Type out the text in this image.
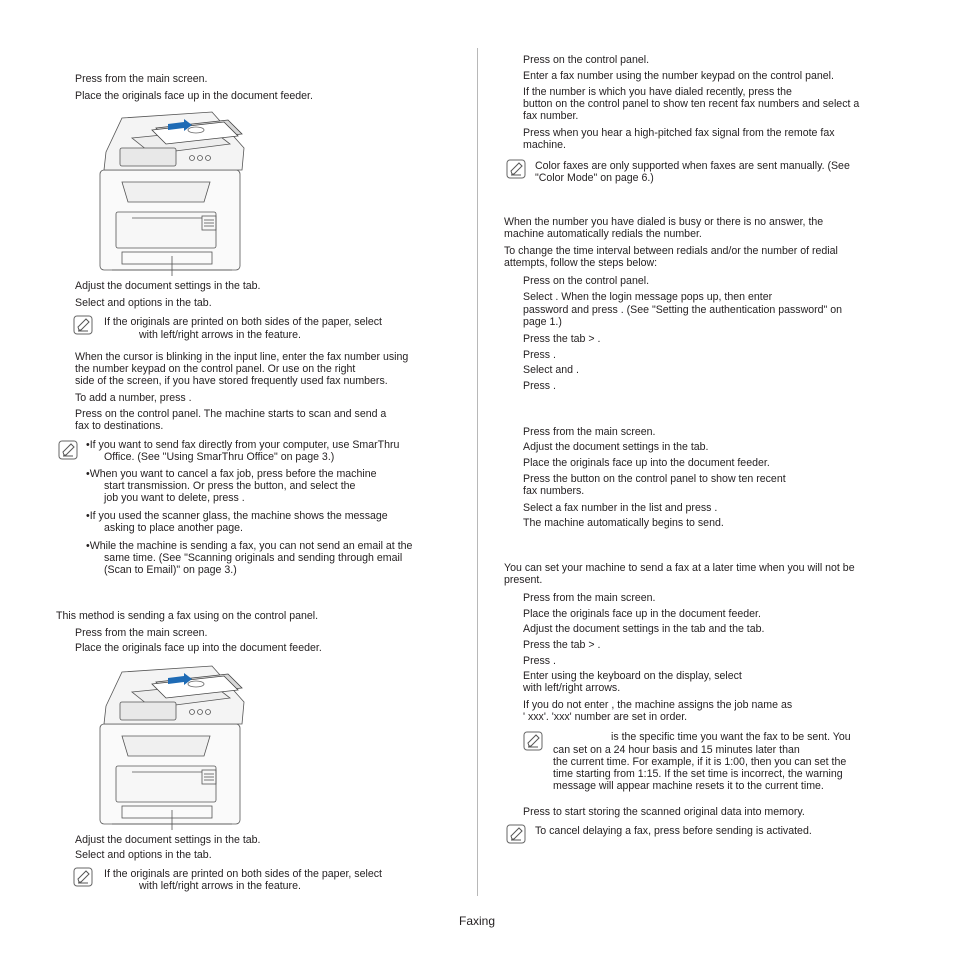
Press from the main screen.
Place the originals face up in the document feeder.
Adjust the document settings in the tab.
Select and options in the tab.
If the originals are printed on both sides of the paper, select
with left/right arrows in the feature.
When the cursor is blinking in the input line, enter the fax number using
the number keypad on the control panel. Or use on the right
side of the screen, if you have stored frequently used fax numbers.
To add a number, press .
Press on the control panel. The machine starts to scan and send a
fax to destinations.
•If you want to send fax directly from your computer, use SmarThru
Office. (See "Using SmarThru Office" on page 3.)
•When you want to cancel a fax job, press before the machine
start transmission. Or press the button, and select the
job you want to delete, press .
•If you used the scanner glass, the machine shows the message
asking to place another page.
•While the machine is sending a fax, you can not send an email at the
same time. (See "Scanning originals and sending through email
(Scan to Email)" on page 3.)
This method is sending a fax using on the control panel.
Press from the main screen.
Place the originals face up into the document feeder.
Adjust the document settings in the tab.
Select and options in the tab.
If the originals are printed on both sides of the paper, select
with left/right arrows in the feature.
Press on the control panel.
Enter a fax number using the number keypad on the control panel.
If the number is which you have dialed recently, press the
button on the control panel to show ten recent fax numbers and select a
fax number.
Press when you hear a high-pitched fax signal from the remote fax
machine.
Color faxes are only supported when faxes are sent manually. (See
"Color Mode" on page 6.)
When the number you have dialed is busy or there is no answer, the
machine automatically redials the number.
To change the time interval between redials and/or the number of redial
attempts, follow the steps below:
Press on the control panel.
Select . When the login message pops up, then enter
password and press . (See "Setting the authentication password" on
page 1.)
Press the tab > .
Press .
Select and .
Press .
Press from the main screen.
Adjust the document settings in the tab.
Place the originals face up into the document feeder.
Press the button on the control panel to show ten recent
fax numbers.
Select a fax number in the list and press .
The machine automatically begins to send.
You can set your machine to send a fax at a later time when you will not be
present.
Press from the main screen.
Place the originals face up in the document feeder.
Adjust the document settings in the tab and the tab.
Press the tab > .
Press .
Enter using the keyboard on the display, select
with left/right arrows.
If you do not enter , the machine assigns the job name as
' xxx'. 'xxx' number are set in order.
is the specific time you want the fax to be sent. You
can set on a 24 hour basis and 15 minutes later than
the current time. For example, if it is 1:00, then you can set the
time starting from 1:15. If the set time is incorrect, the warning
message will appear machine resets it to the current time.
Press to start storing the scanned original data into memory.
To cancel delaying a fax, press before sending is activated.
Faxing
